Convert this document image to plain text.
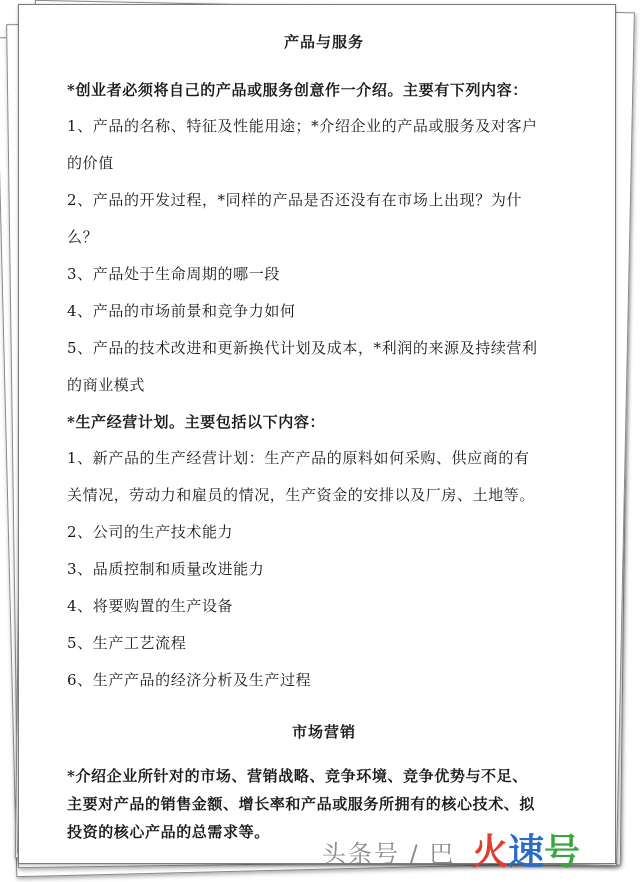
产品与服务

*创业者必须将自己的产品或服务创意作一介绍。主要有下列内容：

1、产品的名称、特征及性能用途；*介绍企业的产品或服务及对客户

的价值

2、产品的开发过程，*同样的产品是否还没有在市场上出现？为什

么？

3、产品处于生命周期的哪一段

4、产品的市场前景和竞争力如何

5、产品的技术改进和更新换代计划及成本，*利润的来源及持续营利

的商业模式

*生产经营计划。主要包括以下内容：

1、新产品的生产经营计划：生产产品的原料如何采购、供应商的有

关情况，劳动力和雇员的情况，生产资金的安排以及厂房、土地等。

2、公司的生产技术能力

3、品质控制和质量改进能力

4、将要购置的生产设备

5、生产工艺流程

6、生产产品的经济分析及生产过程

市场营销

*介绍企业所针对的市场、营销战略、竞争环境、竞争优势与不足、

主要对产品的销售金额、增长率和产品或服务所拥有的核心技术、拟

投资的核心产品的总需求等。

头条号 / 巴 火速号
